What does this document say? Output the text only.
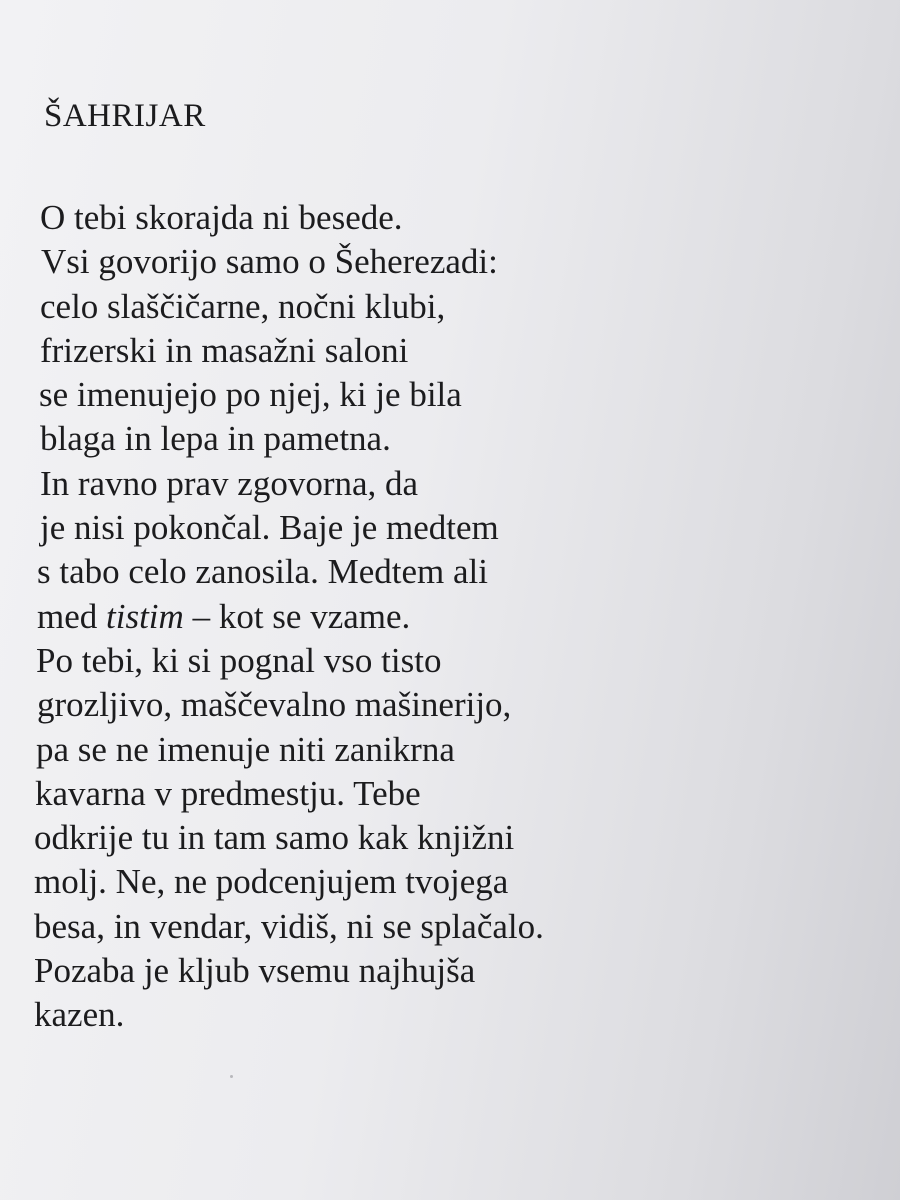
ŠAHRIJAR
O tebi skorajda ni besede.
Vsi govorijo samo o Šeherezadi:
celo slaščičarne, nočni klubi,
frizerski in masažni saloni
se imenujejo po njej, ki je bila
blaga in lepa in pametna.
In ravno prav zgovorna, da
je nisi pokončal. Baje je medtem
s tabo celo zanosila. Medtem ali
med tistim – kot se vzame.
Po tebi, ki si pognal vso tisto
grozljivo, maščevalno mašinerijo,
pa se ne imenuje niti zanikrna
kavarna v predmestju. Tebe
odkrije tu in tam samo kak knjižni
molj. Ne, ne podcenjujem tvojega
besa, in vendar, vidiš, ni se splačalo.
Pozaba je kljub vsemu najhujša
kazen.
